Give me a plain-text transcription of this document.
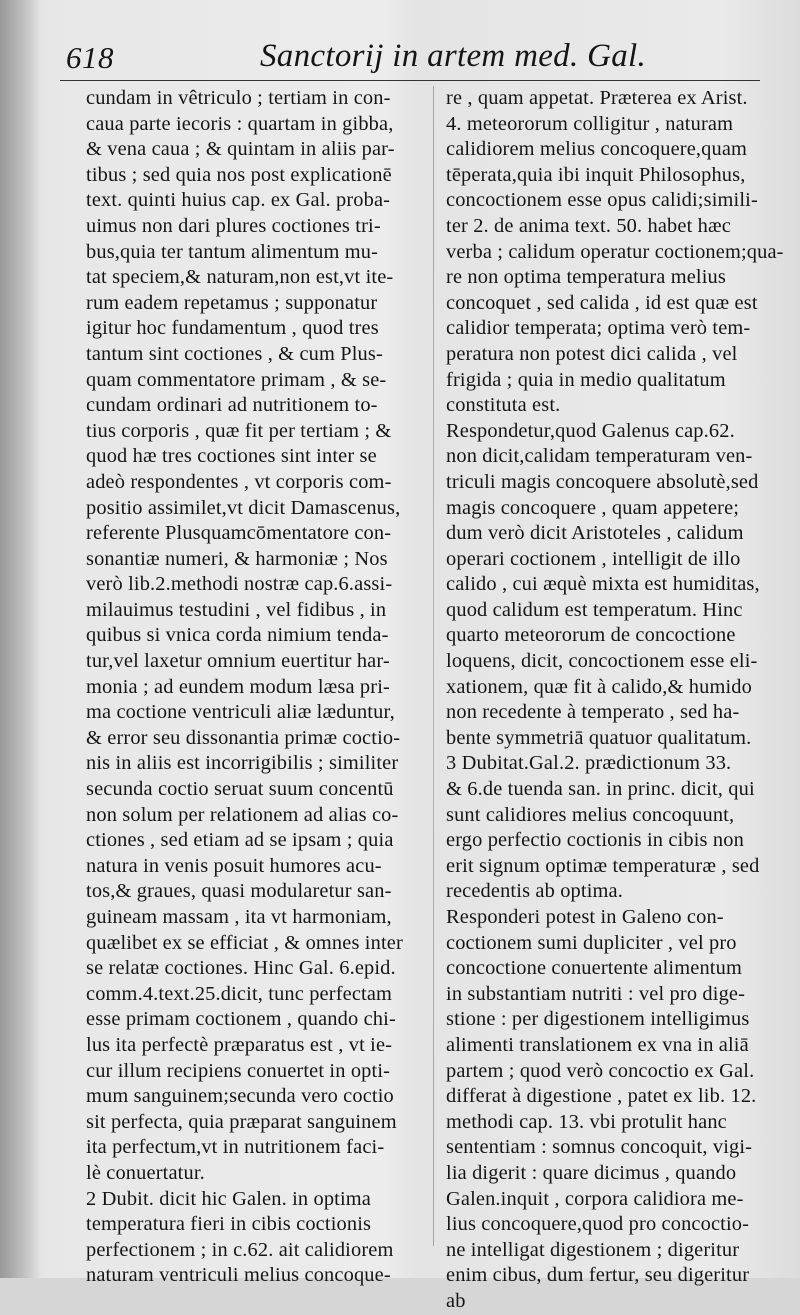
618	Sanctorij in artem med. Gal.
cundam in vêtriculo ; tertiam in con-
caua parte iecoris : quartam in gibba,
& vena caua ; & quintam in aliis par-
tibus ; sed quia nos post explicationē
text. quinti huius cap. ex Gal. proba-
uimus non dari plures coctiones tri-
bus,quia ter tantum alimentum mu-
tat speciem,& naturam,non est,vt ite-
rum eadem repetamus ; supponatur
igitur hoc fundamentum , quod tres
tantum sint coctiones , & cum Plus-
quam commentatore primam , & se-
cundam ordinari ad nutritionem to-
tius corporis , quæ fit per tertiam ; &
quod hæ tres coctiones sint inter se
adeò respondentes , vt corporis com-
positio assimilet,vt dicit Damascenus,
referente Plusquamcōmentatore con-
sonantiæ numeri, & harmoniæ ; Nos
verò lib.2.methodi nostræ cap.6.assi-
milauimus testudini , vel fidibus , in
quibus si vnica corda nimium tenda-
tur,vel laxetur omnium euertitur har-
monia ; ad eundem modum læsa pri-
ma coctione ventriculi aliæ læduntur,
& error seu dissonantia primæ coctio-
nis in aliis est incorrigibilis ; similiter
secunda coctio seruat suum concentū
non solum per relationem ad alias co-
ctiones , sed etiam ad se ipsam ; quia
natura in venis posuit humores acu-
tos,& graues, quasi modularetur san-
guineam massam , ita vt harmoniam,
quælibet ex se efficiat , & omnes inter
se relatæ coctiones. Hinc Gal. 6.epid.
comm.4.text.25.dicit, tunc perfectam
esse primam coctionem , quando chi-
lus ita perfectè præparatus est , vt ie-
cur illum recipiens conuertet in opti-
mum sanguinem;secunda vero coctio
sit perfecta, quia præparat sanguinem
ita perfectum,vt in nutritionem faci-
lè conuertatur.
2 Dubit. dicit hic Galen. in optima
temperatura fieri in cibis coctionis
perfectionem ; in c.62. ait calidiorem
naturam ventriculi melius concoque-
re , quam appetat. Præterea ex Arist.
4. meteororum colligitur , naturam
calidiorem melius concoquere,quam
tēperata,quia ibi inquit Philosophus,
concoctionem esse opus calidi;simili-
ter 2. de anima text. 50. habet hæc
verba ; calidum operatur coctionem;qua-
re non optima temperatura melius
concoquet , sed calida , id est quæ est
calidior temperata; optima verò tem-
peratura non potest dici calida , vel
frigida ; quia in medio qualitatum
constituta est.
Respondetur,quod Galenus cap.62.
non dicit,calidam temperaturam ven-
triculi magis concoquere absolutè,sed
magis concoquere , quam appetere;
dum verò dicit Aristoteles , calidum
operari coctionem , intelligit de illo
calido , cui æquè mixta est humiditas,
quod calidum est temperatum. Hinc
quarto meteororum de concoctione
loquens, dicit, concoctionem esse eli-
xationem, quæ fit à calido,& humido
non recedente à temperato , sed ha-
bente symmetriā quatuor qualitatum.
3 Dubitat.Gal.2. prædictionum 33.
& 6.de tuenda san. in princ. dicit, qui
sunt calidiores melius concoquunt,
ergo perfectio coctionis in cibis non
erit signum optimæ temperaturæ , sed
recedentis ab optima.
Responderi potest in Galeno con-
coctionem sumi dupliciter , vel pro
concoctione conuertente alimentum
in substantiam nutriti : vel pro dige-
stione : per digestionem intelligimus
alimenti translationem ex vna in aliā
partem ; quod verò concoctio ex Gal.
differat à digestione , patet ex lib. 12.
methodi cap. 13. vbi protulit hanc
sententiam : somnus concoquit, vigi-
lia digerit : quare dicimus , quando
Galen.inquit , corpora calidiora me-
lius concoquere,quod pro concoctio-
ne intelligat digestionem ; digeritur
enim cibus, dum fertur, seu digeritur
ab
